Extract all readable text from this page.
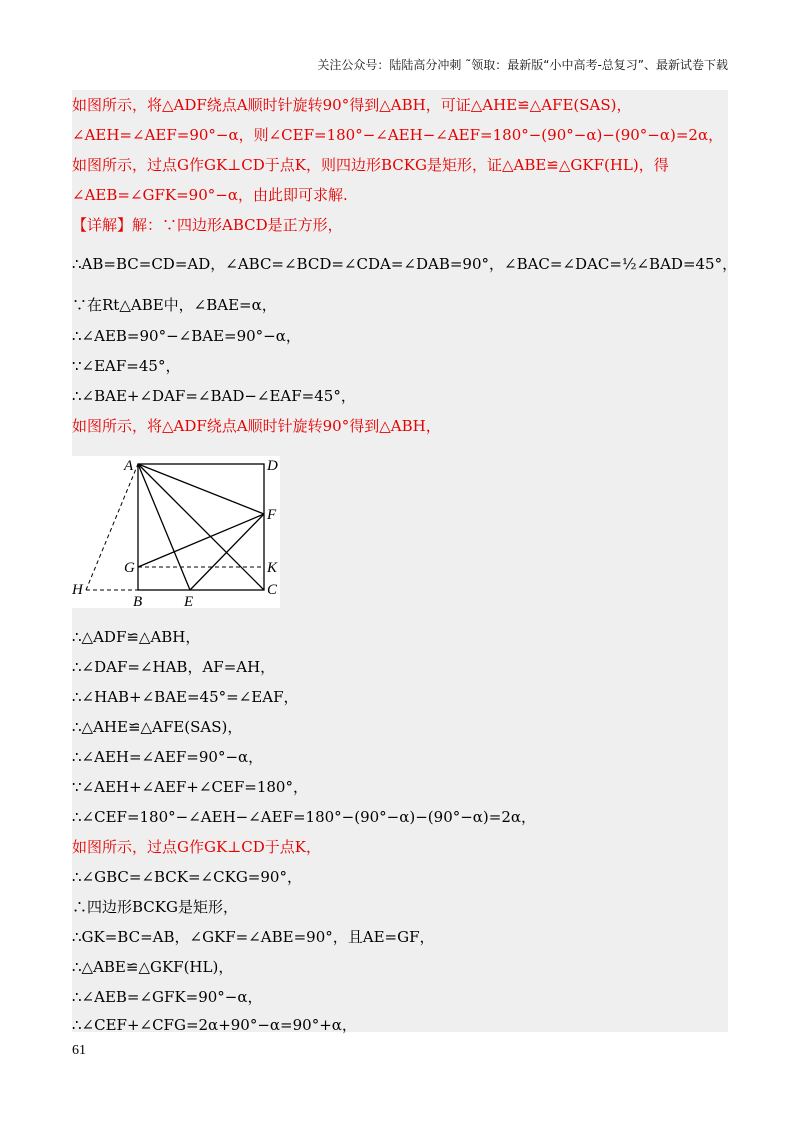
关注公众号：陆陆高分冲刺 ˜领取：最新版“小中高考-总复习”、最新试卷下载
如图所示，将△ADF绕点A顺时针旋转90°得到△ABH，可证△AHE≌△AFE(SAS)，
∠AEH=∠AEF=90°−α，则∠CEF=180°−∠AEH−∠AEF=180°−(90°−α)−(90°−α)=2α，
如图所示，过点G作GK⊥CD于点K，则四边形BCKG是矩形，证△ABE≌△GKF(HL)，得
∠AEB=∠GFK=90°−α，由此即可求解.
【详解】解：∵四边形ABCD是正方形，
∴AB=BC=CD=AD，∠ABC=∠BCD=∠CDA=∠DAB=90°，∠BAC=∠DAC=½∠BAD=45°，
∵在Rt△ABE中，∠BAE=α，
∴∠AEB=90°−∠BAE=90°−α，
∵∠EAF=45°，
∴∠BAE+∠DAF=∠BAD−∠EAF=45°，
如图所示，将△ADF绕点A顺时针旋转90°得到△ABH，
A	D
F
G	K
H
B	E
C
∴△ADF≌△ABH，
∴∠DAF=∠HAB，AF=AH，
∴∠HAB+∠BAE=45°=∠EAF，
∴△AHE≌△AFE(SAS)，
∴∠AEH=∠AEF=90°−α，
∵∠AEH+∠AEF+∠CEF=180°，
∴∠CEF=180°−∠AEH−∠AEF=180°−(90°−α)−(90°−α)=2α，
如图所示，过点G作GK⊥CD于点K，
∴∠GBC=∠BCK=∠CKG=90°，
∴四边形BCKG是矩形，
∴GK=BC=AB，∠GKF=∠ABE=90°，且AE=GF，
∴△ABE≌△GKF(HL)，
∴∠AEB=∠GFK=90°−α，
∴∠CEF+∠CFG=2α+90°−α=90°+α，
61
